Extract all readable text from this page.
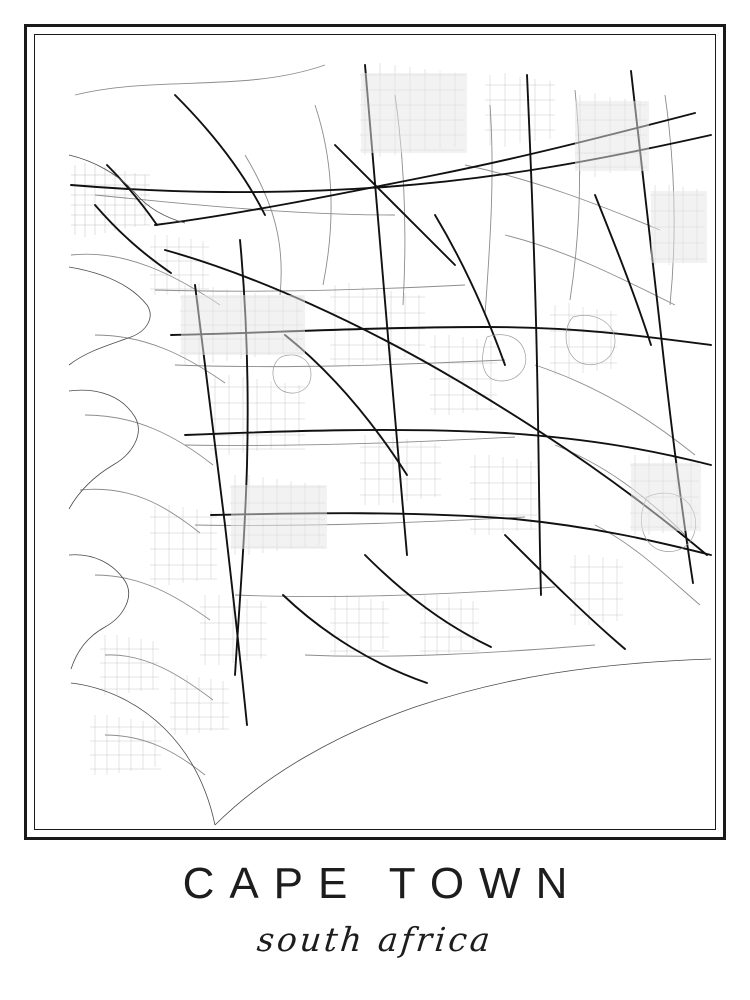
CAPE TOWN
south africa
